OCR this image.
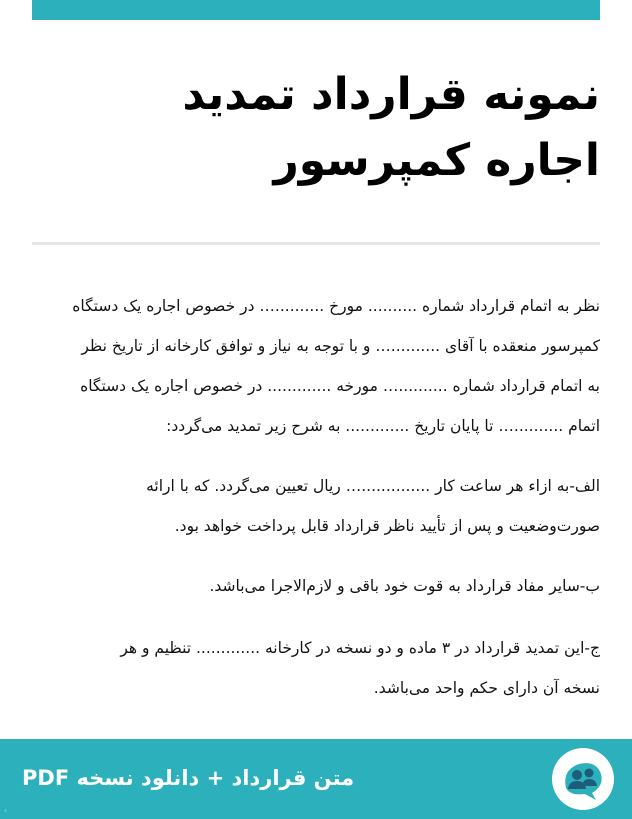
نمونه قرارداد تمدید
اجاره کمپرسور

نظر به اتمام قرارداد شماره .......... مورخ ..........… در خصوص اجاره یک دستگاه
کمپرسور منعقده با آقای ..........… و با توجه به نیاز و توافق کارخانه از تاریخ نظر
به اتمام قرارداد شماره ..........… مورخه ............. در خصوص اجاره یک دستگاه
اتمام ..........… تا پایان تاریخ ............. به شرح زیر تمدید می‌گردد:

الف-به ازاء هر ساعت کار ..............… ریال تعیین می‌گردد. که با ارائه
صورت‌وضعیت و پس از تأیید ناظر قرارداد قابل پرداخت خواهد بود.

ب-سایر مفاد قرارداد به قوت خود باقی و لازم‌الاجرا می‌باشد.

ج-این تمدید قرارداد در ۳ ماده و دو نسخه در کارخانه ............. تنظیم و هر
نسخه آن دارای حکم واحد می‌باشد.

متن قرارداد + دانلود نسخه PDF
‹
